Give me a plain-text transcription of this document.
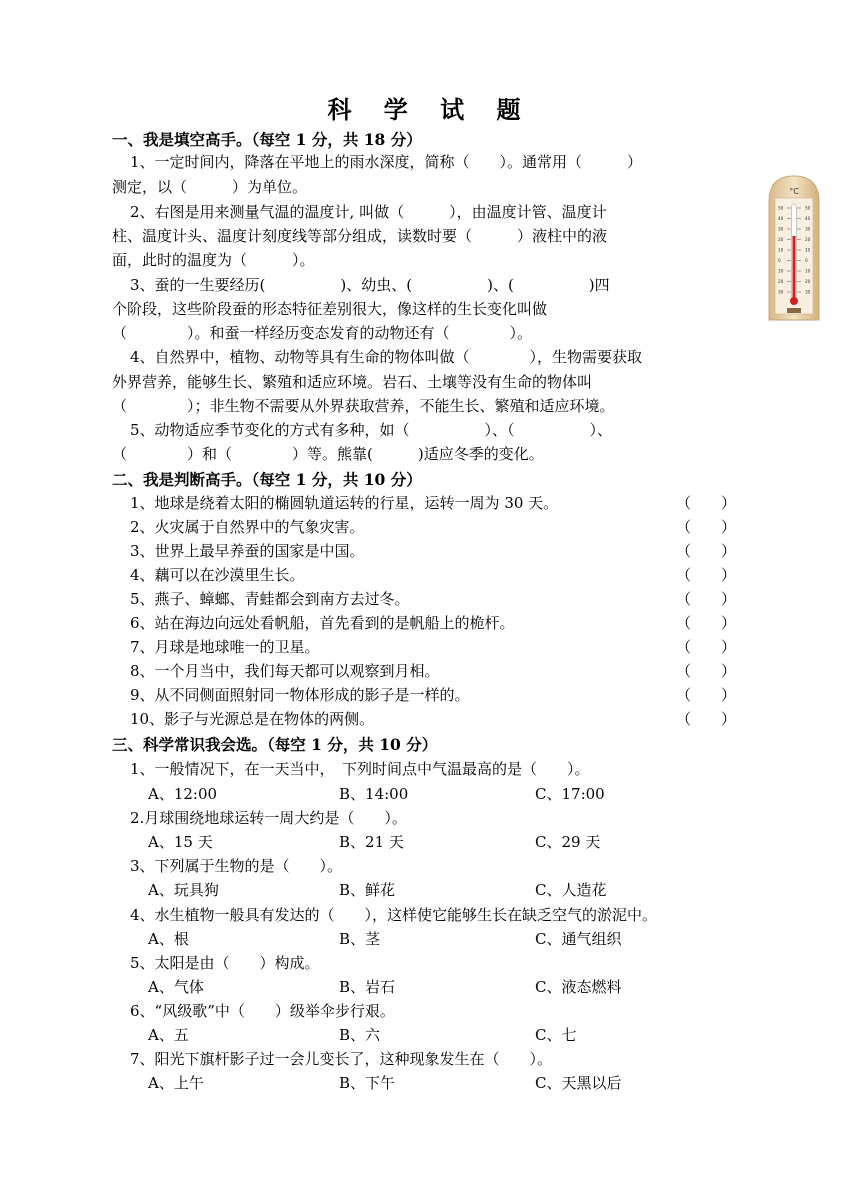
科 学 试 题
一、我是填空高手。（每空 1 分，共 18 分）
1、一定时间内，降落在平地上的雨水深度，简称（　　）。通常用（　　　）
测定，以（　　　）为单位。
2、右图是用来测量气温的温度计, 叫做（　　　），由温度计管、温度计
柱、温度计头、温度计刻度线等部分组成，读数时要（　　　）液柱中的液
面，此时的温度为（　　　）。
3、蚕的一生要经历(　　　　　)、幼虫、(　　　　　)、(　　　　　)四
个阶段，这些阶段蚕的形态特征差别很大，像这样的生长变化叫做
（　　　　）。和蚕一样经历变态发育的动物还有（　　　　）。
4、自然界中，植物、动物等具有生命的物体叫做（　　　　），生物需要获取
外界营养，能够生长、繁殖和适应环境。岩石、土壤等没有生命的物体叫
（　　　　）；非生物不需要从外界获取营养，不能生长、繁殖和适应环境。
5、动物适应季节变化的方式有多种，如（　　　　　）、（　　　　　）、
（　　　　）和（　　　　）等。熊靠(　　　)适应冬季的变化。
°C
50	50
40	40
30	30
20	20
10	10
0	0
10	10
20	20
30	30
二、我是判断高手。（每空 1 分，共 10 分）
1、地球是绕着太阳的椭圆轨道运转的行星，运转一周为 30 天。	（　　）
2、火灾属于自然界中的气象灾害。	（　　）
3、世界上最早养蚕的国家是中国。	（　　）
4、藕可以在沙漠里生长。	（　　）
5、燕子、蟑螂、青蛙都会到南方去过冬。	（　　）
6、站在海边向远处看帆船，首先看到的是帆船上的桅杆。	（　　）
7、月球是地球唯一的卫星。	（　　）
8、一个月当中，我们每天都可以观察到月相。	（　　）
9、从不同侧面照射同一物体形成的影子是一样的。	（　　）
10、影子与光源总是在物体的两侧。	（　　）
三、科学常识我会选。（每空 1 分，共 10 分）
1、一般情况下，在一天当中，　下列时间点中气温最高的是（　　）。
A、12:00	B、14:00	C、17:00
2.月球围绕地球运转一周大约是（　　）。
A、15 天	B、21 天	C、29 天
3、下列属于生物的是（　　）。
A、玩具狗	B、鲜花	C、人造花
4、水生植物一般具有发达的（　　），这样使它能够生长在缺乏空气的淤泥中。
A、根	B、茎	C、通气组织
5、太阳是由（　　）构成。
A、气体	B、岩石	C、液态燃料
6、“风级歌”中（　　）级举伞步行艰。
A、五	B、六	C、七
7、阳光下旗杆影子过一会儿变长了，这种现象发生在（　　）。
A、上午	B、下午	C、天黑以后
